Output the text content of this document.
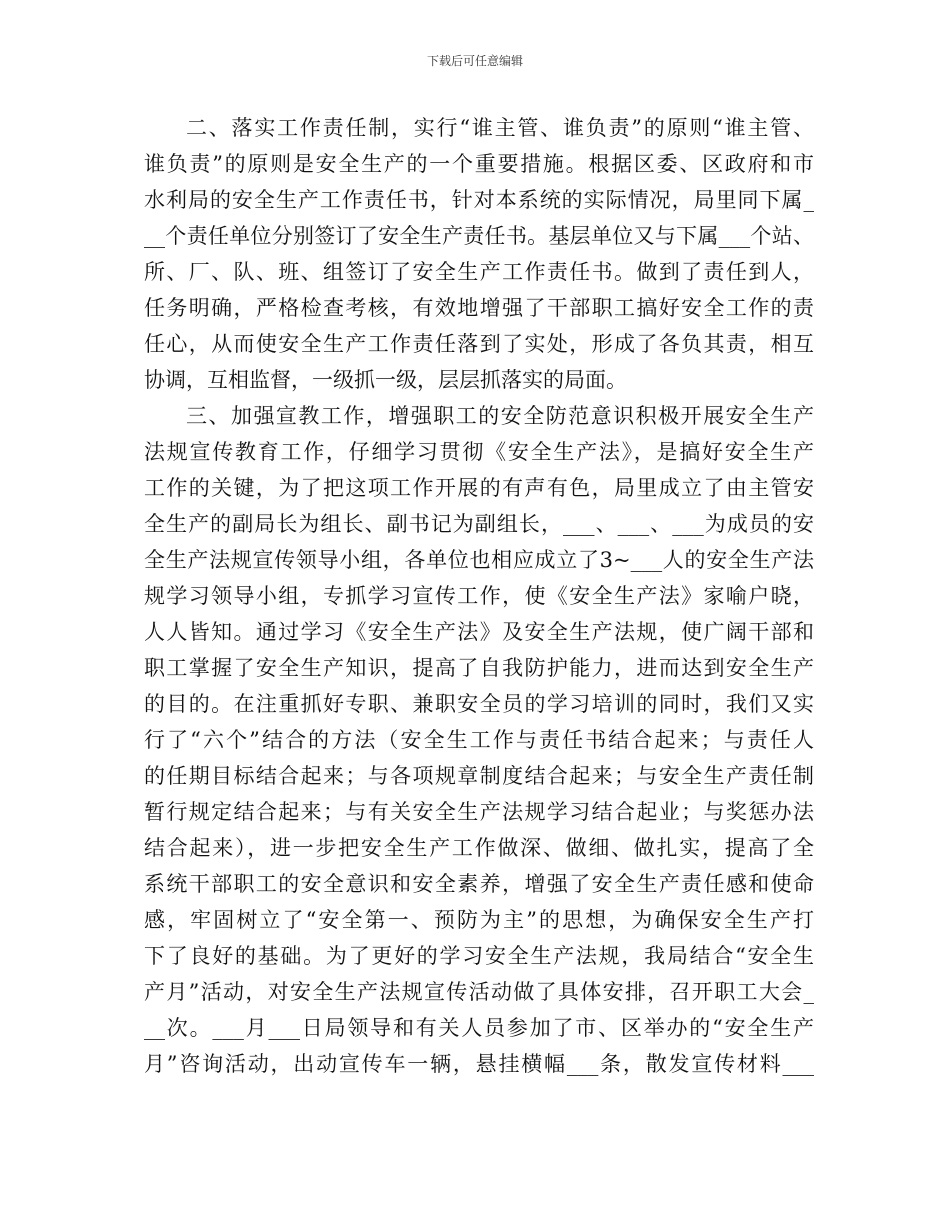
下载后可任意编辑
二、落实工作责任制，实行“谁主管、谁负责”的原则“谁主管、
谁负责”的原则是安全生产的一个重要措施。根据区委、区政府和市
水利局的安全生产工作责任书，针对本系统的实际情况，局里同下属_
__个责任单位分别签订了安全生产责任书。基层单位又与下属___个站、
所、厂、队、班、组签订了安全生产工作责任书。做到了责任到人，
任务明确，严格检查考核，有效地增强了干部职工搞好安全工作的责
任心，从而使安全生产工作责任落到了实处，形成了各负其责，相互
协调，互相监督，一级抓一级，层层抓落实的局面。
三、加强宣教工作，增强职工的安全防范意识积极开展安全生产
法规宣传教育工作，仔细学习贯彻《安全生产法》，是搞好安全生产
工作的关键，为了把这项工作开展的有声有色，局里成立了由主管安
全生产的副局长为组长、副书记为副组长，___、___、___为成员的安
全生产法规宣传领导小组，各单位也相应成立了3~___人的安全生产法
规学习领导小组，专抓学习宣传工作，使《安全生产法》家喻户晓，
人人皆知。通过学习《安全生产法》及安全生产法规，使广阔干部和
职工掌握了安全生产知识，提高了自我防护能力，进而达到安全生产
的目的。在注重抓好专职、兼职安全员的学习培训的同时，我们又实
行了“六个”结合的方法（安全生工作与责任书结合起来；与责任人
的任期目标结合起来；与各项规章制度结合起来；与安全生产责任制
暂行规定结合起来；与有关安全生产法规学习结合起业；与奖惩办法
结合起来），进一步把安全生产工作做深、做细、做扎实，提高了全
系统干部职工的安全意识和安全素养，增强了安全生产责任感和使命
感，牢固树立了“安全第一、预防为主”的思想，为确保安全生产打
下了良好的基础。为了更好的学习安全生产法规，我局结合“安全生
产月”活动，对安全生产法规宣传活动做了具体安排，召开职工大会_
__次。___月___日局领导和有关人员参加了市、区举办的“安全生产
月”咨询活动，出动宣传车一辆，悬挂横幅___条，散发宣传材料___
